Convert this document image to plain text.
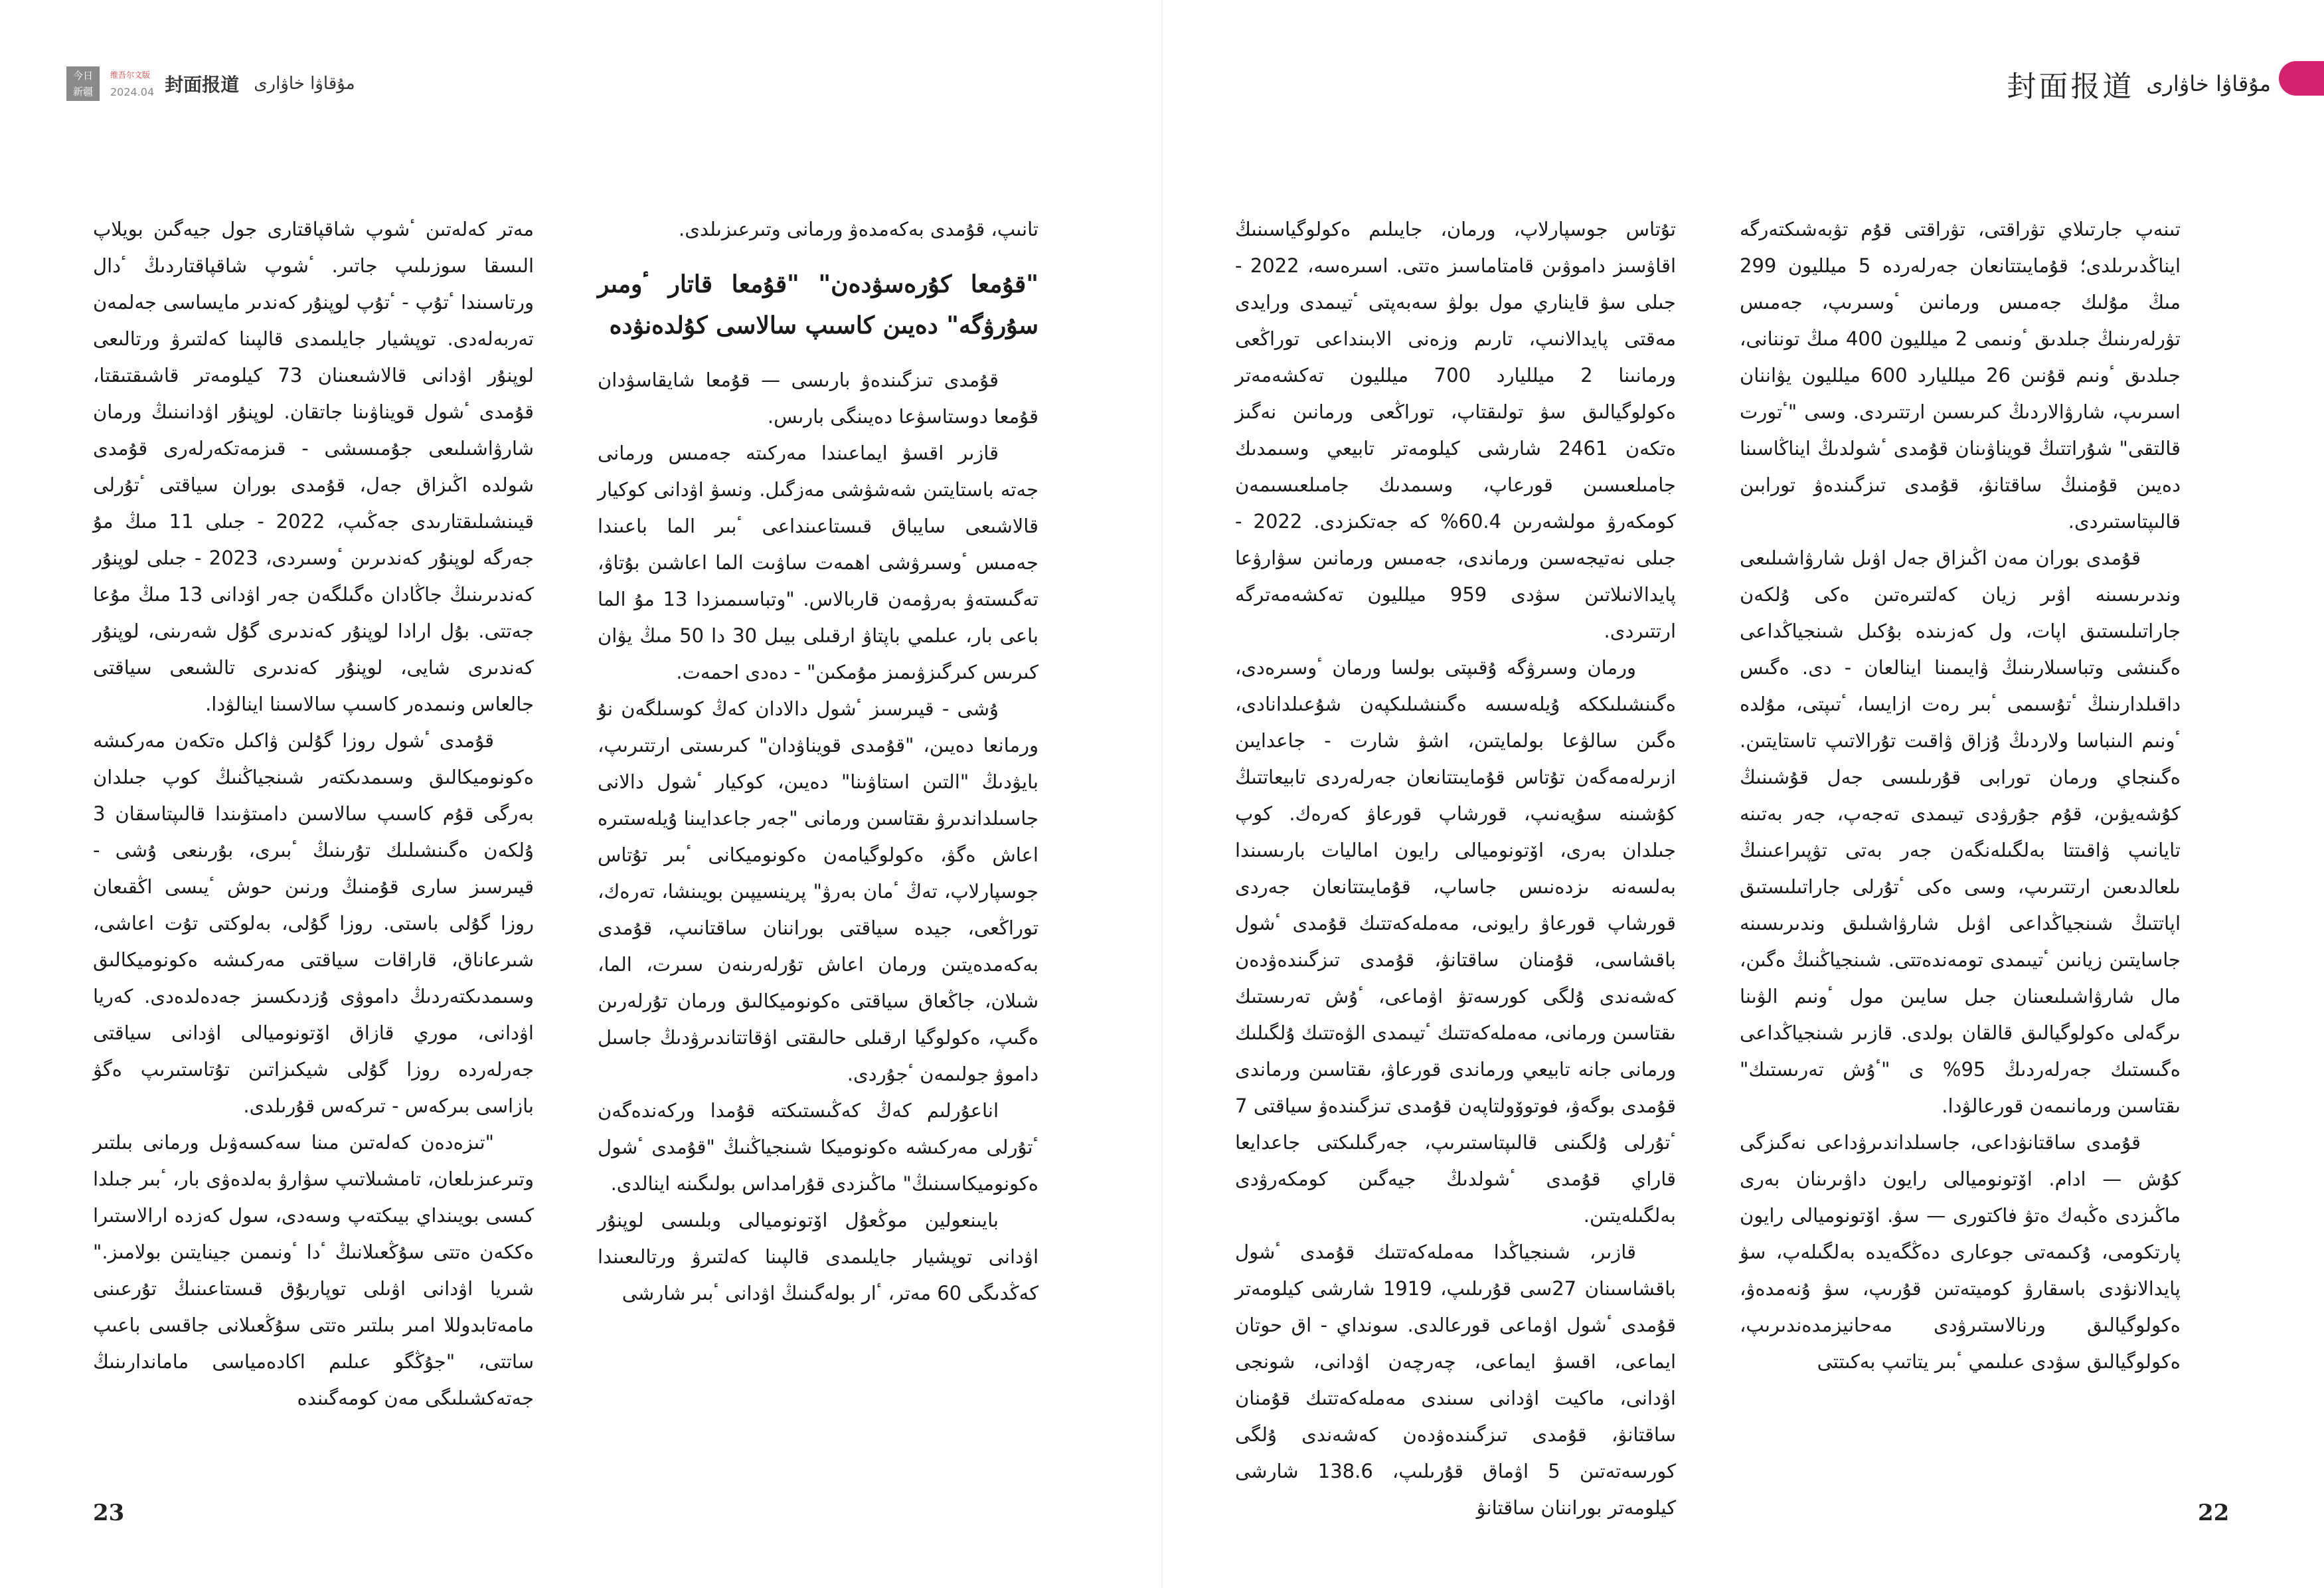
今日
新疆
维吾尔文版
2024.04 封面报道 مۇقاۋا خاۋارى	封面报道 مۇقاۋا خاۋارى

تىنەپ جارتىلاي تۋراقتى، تۋراقتى قۇم تۋبەشىكتەرگە ايناڭدىرىلدى؛ قۇمايىتتانعان جەرلەردە 5 ميلليون 299 مىڭ مۇلىك جەمىس ورمانىن ٴوسىرىپ، جەمىس تۋرلەرىنىڭ جىلدىق ٴونىمى 2 ميلليون 400 مىڭ توننانى، جىلدىق ٴونىم قۇنىن 26 ميلليارد 600 ميلليون يۋاننان اسىرىپ، شارۋالاردىڭ كىرىسىن ارتتىردى. وسى "ٴتورت قالتقى" شۇراتتىڭ قويناۋىنان قۇمدى ٴشولدىڭ ايناڭاسىنا دەيىن قۇمنىڭ ساقتانۋ، قۇمدى تىزگىندەۋ تورابىن قالىپتاستىردى.

قۇمدى بوران مەن اڭىزاق جەل اۋىل شارۋاشىلىعى وندىرىسىنە اۋىر زيان كەلتىرەتىن ەكى ۇلكەن جاراتىلىستىق اپات، ول كەزىندە بۇكىل شىنجياڭداعى ەگىنشى وتباسىلارىنىڭ ۋايىمىنا اينالعان - دى. ەگىس داقىلدارىنىڭ ٴتۇسىمى ٴبىر رەت ازايسا، ٴتىپتى، مۇلدە ٴونىم الىنباسا ولاردىڭ ۇزاق ۋاقىت تۇرالاتىپ تاستايتىن. ەگىنجاي ورمان تورابى قۇرىلىسى جەل قۇشىنىڭ كۇشەيۋىن، قۇم جۇرۋدى تيىمدى تەجەپ، جەر بەتىنە تايانىپ ۋاقىتتا بەلگىلەنگەن جەر بەتى تۋپىراعىنىڭ ىلعالدىعىن ارتتىرىپ، وسى ەكى ٴتۇرلى جاراتىلىستىق اپاتتىڭ شىنجياڭداعى اۋىل شارۋاشىلىق وندىرىسىنە جاسايتىن زيانىن ٴتيىمدى تومەندەتتى. شىنجياڭنىڭ ەگىن، مال شارۋاشىلىعىنان جىل سايىن مول ٴونىم الۋىنا ىرگەلى ەكولوگيالىق قالقان بولدى. قازىر شىنجياڭداعى ەگىستىك جەرلەردىڭ 95% ى "ٴۇش تەرىستىك" ىقتاسىن ورمانىمەن قورعالۋدا.

قۇمدى ساقتانۋداعى، جاسىلداندىرۋداعى نەگىزگى كۇش — ادام. اۆتونوميالى رايون داۋىرىنان بەرى ماڭىزدى ەڭبەك ەتۋ فاكتورى — سۋ. اۆتونوميالى رايون پارتكومى، ۇكىمەتى جوعارى دەڭگەيدە بەلگىلەپ، سۋ پايدالانۋدى باسقارۋ كوميتەتىن قۇرىپ، سۋ ۇنەمدەۋ، ەكولوگيالىق ورنالاستىرۋدى مەحانيزمدەندىرىپ، ەكولوگيالىق سۋدى عىلىمي ٴبىر يتاتىپ بەكىتتى

تۇتاس جوسپارلاپ، ورمان، جايىلىم ەكولوگياسىنىڭ اقاۋسىز داموۋىن قامتاماسىز ەتتى. اسىرەسە، 2022 - جىلى سۋ قايناري مول بولۋ سەبەپتى ٴتيىمدى ورايدى مەقتى پايدالانىپ، تارىم وزەنى الابىنداعى توراڭعى ورمانىنا 2 ميلليارد 700 ميلليون تەكشەمەتر ەكولوگيالىق سۋ تولىقتاپ، توراڭعى ورمانىن نەگىز ەتكەن 2461 شارشى كيلومەتر تابيعي وسىمدىك جامىلعىسىن قورعاپ، وسىمدىك جامىلعىسىمەن كومكەرۋ مولشەرىن 60.4% كە جەتكىزدى. 2022 - جىلى نەتيجەسىن ورماندى، جەمىس ورمانىن سۋارۋعا پايدالانىلاتىن سۋدى 959 ميلليون تەكشەمەترگە ارتتىردى.

ورمان وسىرۋگە ۇقىپتى بولسا ورمان ٴوسىرەدى، ەگىنشىلىككە ۇيلەسسە ەگىنشىلىكپەن شۇعىلدانادى، ەگىن سالۋعا بولمايتىن، اشۋ شارت - جاعدايىن ازىرلەمەگەن تۇتاس قۇمايىتتانعان جەرلەردى تابيعاتتىڭ كۇشىنە سۇيەنىپ، قورشاپ قورعاۋ كەرەك. كوپ جىلدان بەرى، اۆتونوميالى رايون اماليات بارىسىندا بەلسەنە ىزدەنىس جاساپ، قۇمايىتتانعان جەردى قورشاپ قورعاۋ رايونى، مەملەكەتتىك قۇمدى ٴشول باقشاسى، قۇمنان ساقتانۋ، قۇمدى تىزگىندەۋدەن كەشەندى ۇلگى كورسەتۋ اۋماعى، ٴۇش تەرىستىك ىقتاسىن ورمانى، مەملەكەتتىك ٴتيىمدى الۋەتتىك ۇلگىلىك ورمانى جانە تابيعي ورماندى قورعاۋ، ىقتاسىن ورماندى قۇمدى بوگەۋ، فوتوۆولتاپەن قۇمدى تىزگىندەۋ سياقتى 7 ٴتۇرلى ۇلگىنى قالىپتاستىرىپ، جەرگىلىكتى جاعدايعا قاراي قۇمدى ٴشولدىڭ جيەگىن كومكەرۋدى بەلگىلەيتىن.

قازىر، شىنجياڭدا مەملەكەتتىك قۇمدى ٴشول باقشاسىنان 27سى قۇرىلىپ، 1919 شارشى كيلومەتر قۇمدى ٴشول اۋماعى قورعالدى. سونداي - اق حوتان ايماعى، اقسۋ ايماعى، چەرچەن اۋدانى، شونجى اۋدانى، ماكيت اۋدانى سىندى مەملەكەتتىك قۇمنان ساقتانۋ، قۇمدى تىزگىندەۋدەن كەشەندى ۇلگى كورسەتەتىن 5 اۋماق قۇرىلىپ، 138.6 شارشى كيلومەتر بوراننان ساقتانۋ

تانىپ، قۇمدى بەكەمدەۋ ورمانى وتىرعىزىلدى.

"قۇمعا كۇرەسۋدەن" "قۇمعا قاتار ٴومىر سۇرۋگە" دەيىن كاسىپ سالاسى كۇلدەنۋدە

قۇمدى تىزگىندەۋ بارىسى — قۇمعا شايقاسۋدان قۇمعا دوستاسۋعا دەيىنگى بارىس.

قازىر اقسۋ ايماعىندا مەركىتە جەمىس ورمانى جەتە باستايتىن شەشۋشى مەزگىل. ونسۋ اۋدانى كوكيار قالاشىعى سايباق قىستاعىنداعى ٴبىر الما باعىندا جەمىس ٴوسىرۋشى اھمەت ساۋىت الما اعاشىن بۇتاۋ، تەگىستەۋ بەرۋمەن قاربالاس. "وتباسىمىزدا 13 مۇ الما باعى بار، عىلمي باپتاۋ ارقىلى بيىل 30 دا 50 مىڭ يۋان كىرىس كىرگىزۋىمىز مۇمكىن" - دەدى احمەت.

ۇشى - قيىرسىز ٴشول دالادان كەڭ كوسىلگەن نۇ ورمانعا دەيىن، "قۇمدى قويناۋدان" كىرىستى ارتتىرىپ، بايۋدىڭ "التىن استاۋىنا" دەيىن، كوكيار ٴشول دالانى جاسىلداندىرۋ ىقتاسىن ورمانى "جەر جاعدايىنا ۇيلەستىرە اعاش ەگۋ، ەكولوگيامەن ەكونوميكانى ٴبىر تۇتاس جوسپارلاپ، تەڭ ٴمان بەرۋ" پرينسيپىن بويىنشا، تەرەك، توراڭعى، جيدە سياقتى بوراننان ساقتانىپ، قۇمدى بەكەمدەيتىن ورمان اعاش تۇرلەرىنەن سىرت، الما، شىلان، جاڭعاق سياقتى ەكونوميكالىق ورمان تۇرلەرىن ەگىپ، ەكولوگيا ارقىلى حالىقتى اۋقاتتاندىرۋدىڭ جاسىل داموۋ جولىمەن ٴجۇردى.

اناعۇرلىم كەڭ كەڭىستىكتە قۇمدا وركەندەگەن ٴتۇرلى مەركىشە ەكونوميكا شىنجياڭنىڭ "قۇمدى ٴشول ەكونوميكاسىنىڭ" ماڭىزدى قۇرامداس بولىگىنە اينالدى.

بايىنعولين موڭعۇل اۆتونوميالى وبلىسى لوپنۇر اۋدانى توپشيار جايلىمدى قالپىنا كەلتىرۋ ورتالىعىندا كەڭدىگى 60 مەتر، ٴار بولەگىنىڭ اۋدانى ٴبىر شارشى

مەتر كەلەتىن ٴشوپ شاقپاقتارى جول جيەگىن بويلاپ الىسقا سوزىلىپ جاتىر. ٴشوپ شاقپاقتاردىڭ ٴدال ورتاسىندا ٴتۇپ - ٴتۇپ لوپنۇر كەندىر مايساسى جەلمەن تەربەلەدى. توپشيار جايلىمدى قالپىنا كەلتىرۋ ورتالىعى لوپنۇر اۋدانى قالاشىعىنان 73 كيلومەتر قاشىقتىقتا، قۇمدى ٴشول قويناۋىنا جاتقان. لوپنۇر اۋدانىنىڭ ورمان شارۋاشىلىعى جۇمىسشى - قىزمەتكەرلەرى قۇمدى شولدە اڭىزاق جەل، قۇمدى بوران سياقتى ٴتۇرلى قيىنشىلىقتارىدى جەڭىپ، 2022 - جىلى 11 مىڭ مۇ جەرگە لوپنۇر كەندىرىن ٴوسىردى، 2023 - جىلى لوپنۇر كەندىرىنىڭ جاڭادان ەگىلگەن جەر اۋدانى 13 مىڭ مۇعا جەتتى. بۇل ارادا لوپنۇر كەندىرى گۇل شەرىنى، لوپنۇر كەندىرى شايى، لوپنۇر كەندىرى تالشىعى سياقتى جالعاس ونىمدەر كاسىپ سالاسىنا اينالۋدا.

قۇمدى ٴشول روزا گۇلىن ۋاكىل ەتكەن مەركىشە ەكونوميكالىق وسىمدىكتەر شىنجياڭنىڭ كوپ جىلدان بەرگى قۇم كاسىپ سالاسىن دامىتۋىندا قالىپتاسقان 3 ۇلكەن ەگىنشىلىك تۇرىنىڭ ٴبىرى، بۇرىنعى ۇشى - قيىرسىز سارى قۇمنىڭ ورنىن حوش ٴيىسى اڭقىعان روزا گۇلى باستى. روزا گۇلى، بەلوكتى تۇت اعاشى، شىرعاناق، قاراقات سياقتى مەركىشە ەكونوميكالىق وسىمدىكتەردىڭ داموۋى ۇزدىكسىز جەدەلدەدى. كەريا اۋدانى، موري قازاق اۆتونوميالى اۋدانى سياقتى جەرلەردە روزا گۇلى شيكىزاتىن تۇتاستىرىپ ەگۋ بازاسى بىركەس - تىركەس قۇرىلدى.

"تىزەدەن كەلەتىن مىنا سەكسەۋىل ورمانى بىلتىر وتىرعىزىلعان، تامشىلاتىپ سۋارۋ بەلدەۋى بار، ٴبىر جىلدا كىسى بويىنداي بيىكتەپ وسەدى، سول كەزدە ارالاستىرا ەككەن ەتتى سۇڭعىلانىڭ ٴدا ٴونىمىن جينايتىن بولامىز." شىريا اۋدانى اۋىلى توپاربۇق قىستاعىنىڭ تۇرعىنى مامەتابدوللا امىر بىلتىر ەتتى سۇڭعىلانى جاقسى باعىپ ساتتى، "جۇڭگو عىلىم اكادەمياسى ماماندارىنىڭ جەتەكشىلىگى مەن كومەگىندە

23	22
